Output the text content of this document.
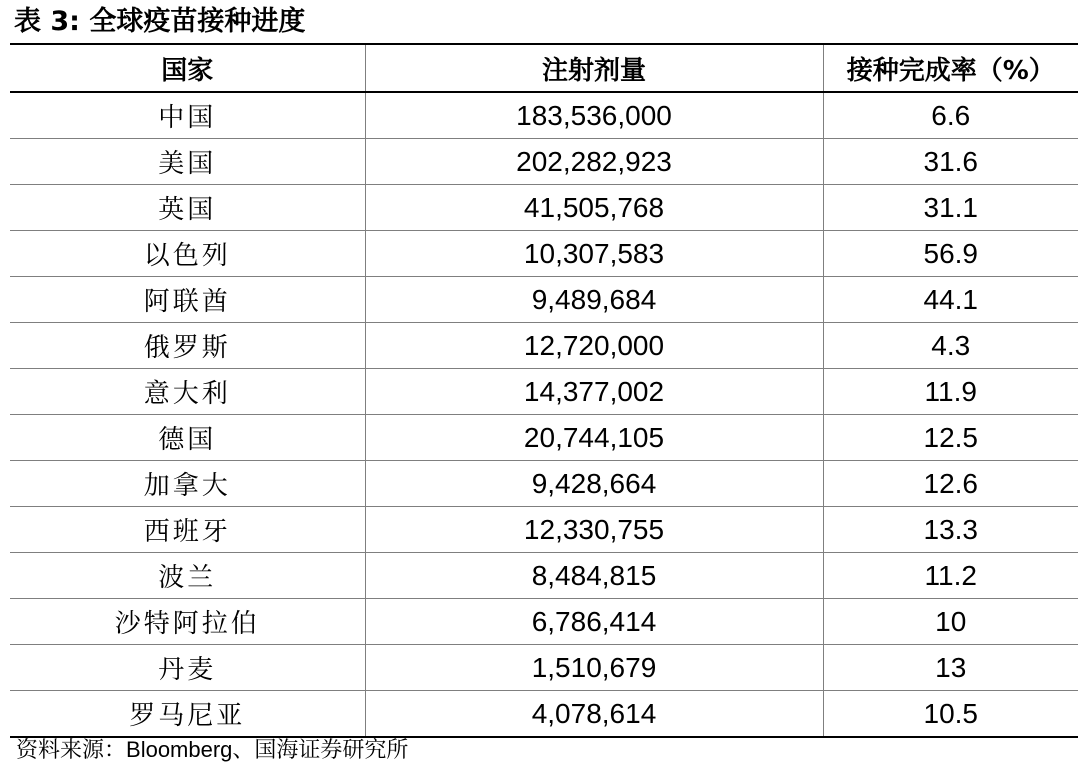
表 3: 全球疫苗接种进度
国家	注射剂量	接种完成率（%）
中国	183,536,000	6.6
美国	202,282,923	31.6
英国	41,505,768	31.1
以色列	10,307,583	56.9
阿联酋	9,489,684	44.1
俄罗斯	12,720,000	4.3
意大利	14,377,002	11.9
德国	20,744,105	12.5
加拿大	9,428,664	12.6
西班牙	12,330,755	13.3
波兰	8,484,815	11.2
沙特阿拉伯	6,786,414	10
丹麦	1,510,679	13
罗马尼亚	4,078,614	10.5
资料来源：Bloomberg、国海证券研究所
